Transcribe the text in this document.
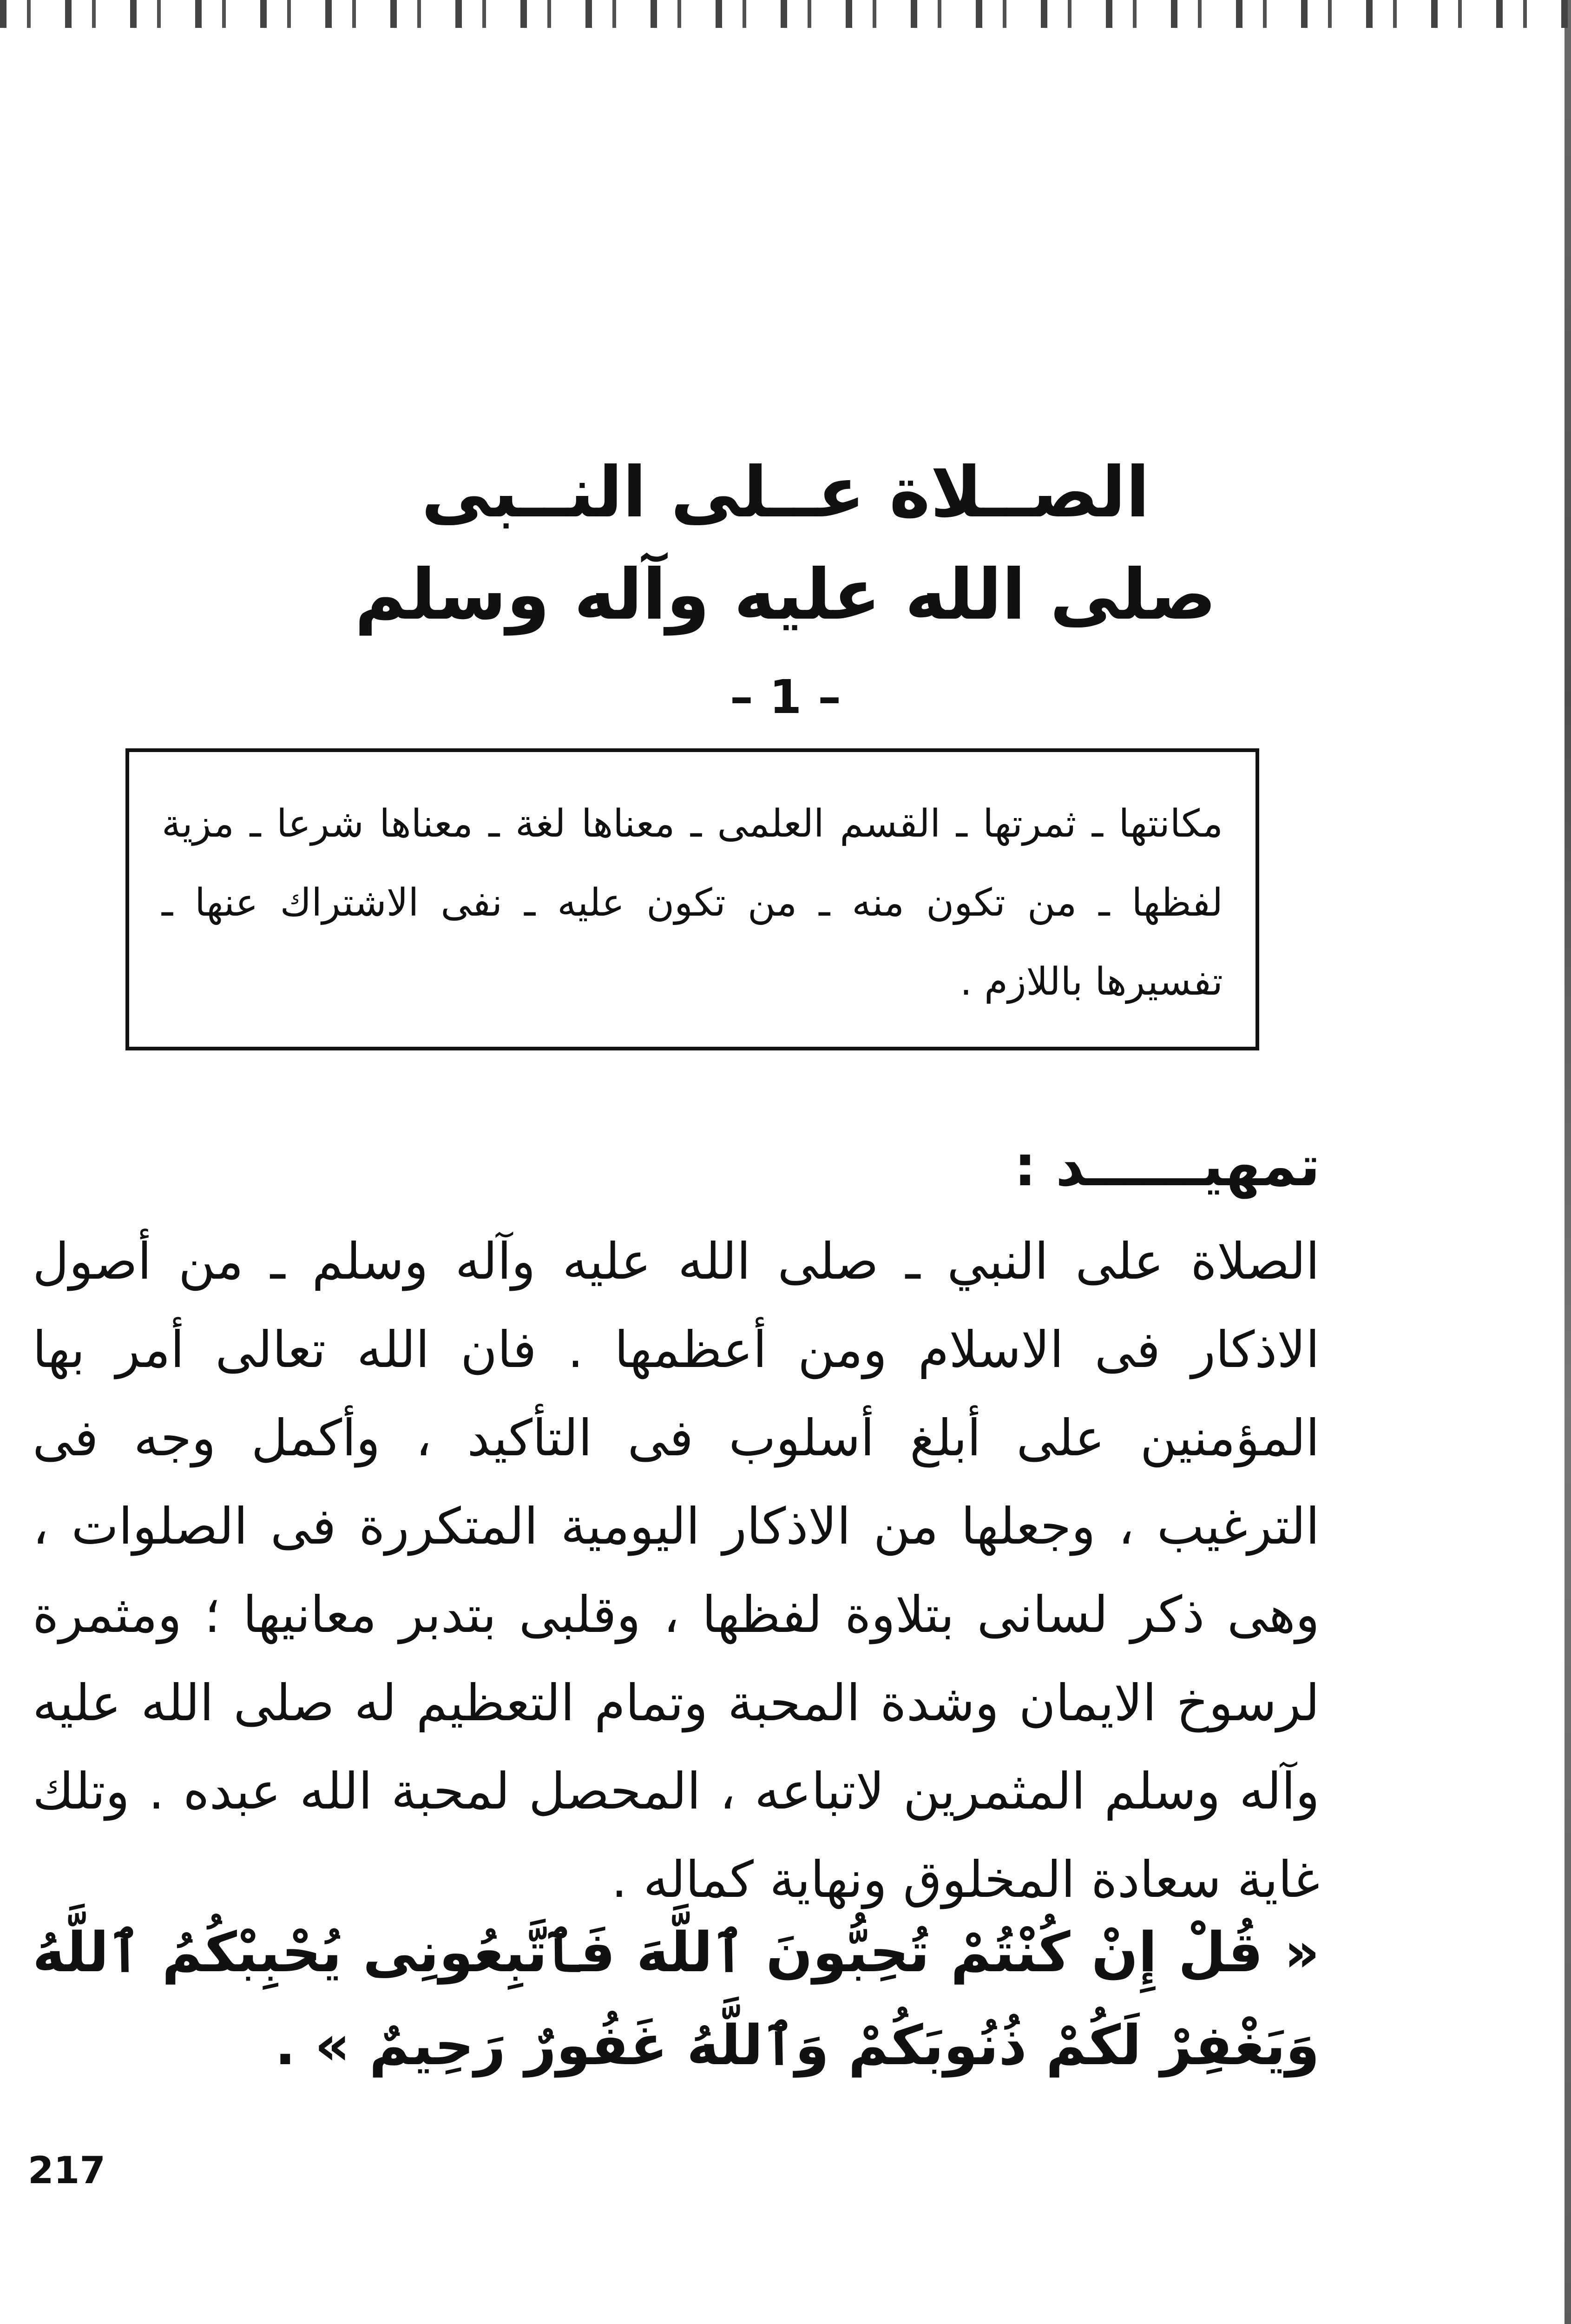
الصــلاة عــلى النــبى
صلى الله عليه وآله وسلم
– 1 –

مكانتها ـ ثمرتها ـ القسم العلمى ـ معناها لغة ـ معناها شرعا ـ مزية لفظها ـ من تكون منه ـ من تكون عليه ـ نفى الاشتراك عنها ـ تفسيرها باللازم .

تمهيــــــد :

الصلاة على النبي ـ صلى الله عليه وآله وسلم ـ من أصول الاذكار فى الاسلام ومن أعظمها . فان الله تعالى أمر بها المؤمنين على أبلغ أسلوب فى التأكيد ، وأكمل وجه فى الترغيب ، وجعلها من الاذكار اليومية المتكررة فى الصلوات ، وهى ذكر لسانى بتلاوة لفظها ، وقلبى بتدبر معانيها ؛ ومثمرة لرسوخ الايمان وشدة المحبة وتمام التعظيم له صلى الله عليه وآله وسلم المثمرين لاتباعه ، المحصل لمحبة الله عبده . وتلك غاية سعادة المخلوق ونهاية كماله .

« قُلْ إِنْ كُنْتُمْ تُحِبُّونَ ٱللَّهَ فَٱتَّبِعُونِى يُحْبِبْكُمُ ٱللَّهُ وَيَغْفِرْ لَكُمْ ذُنُوبَكُمْ وَٱللَّهُ غَفُورٌ رَحِيمٌ » .

217
